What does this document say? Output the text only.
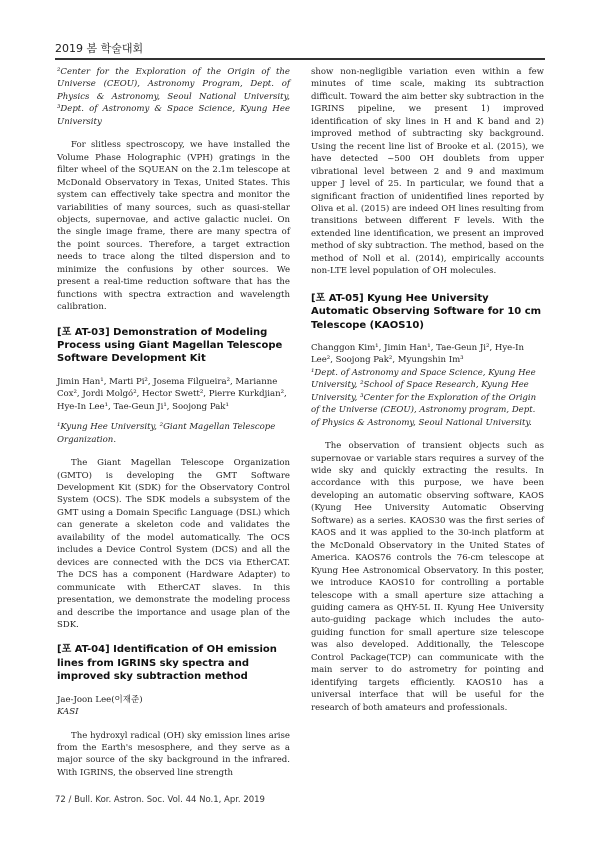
2019 봄 학술대회

²Center for the Exploration of the Origin of the Universe (CEOU), Astronomy Program, Dept. of Physics & Astronomy, Seoul National University, ³Dept. of Astronomy & Space Science, Kyung Hee University

For slitless spectroscopy, we have installed the Volume Phase Holographic (VPH) gratings in the filter wheel of the SQUEAN on the 2.1m telescope at McDonald Observatory in Texas, United States. This system can effectively take spectra and monitor the variabilities of many sources, such as quasi-stellar objects, supernovae, and active galactic nuclei. On the single image frame, there are many spectra of the point sources. Therefore, a target extraction needs to trace along the tilted dispersion and to minimize the confusions by other sources. We present a real-time reduction software that has the functions with spectra extraction and wavelength calibration.

[포 AT-03] Demonstration of Modeling Process using Giant Magellan Telescope Software Development Kit

Jimin Han¹, Marti Pi², Josema Filgueira², Marianne Cox², Jordi Molgó², Hector Swett², Pierre Kurkdjian², Hye-In Lee¹, Tae-Geun Ji¹, Soojong Pak¹

¹Kyung Hee University, ²Giant Magellan Telescope Organization.

The Giant Magellan Telescope Organization (GMTO) is developing the GMT Software Development Kit (SDK) for the Observatory Control System (OCS). The SDK models a subsystem of the GMT using a Domain Specific Language (DSL) which can generate a skeleton code and validates the availability of the model automatically. The OCS includes a Device Control System (DCS) and all the devices are connected with the DCS via EtherCAT. The DCS has a component (Hardware Adapter) to communicate with EtherCAT slaves. In this presentation, we demonstrate the modeling process and describe the importance and usage plan of the SDK.

[포 AT-04] Identification of OH emission lines from IGRINS sky spectra and improved sky subtraction method

Jae-Joon Lee(이재준)

KASI

The hydroxyl radical (OH) sky emission lines arise from the Earth's mesosphere, and they serve as a major source of the sky background in the infrared. With IGRINS, the observed line strength

show non-negligible variation even within a few minutes of time scale, making its subtraction difficult. Toward the aim better sky subtraction in the IGRINS pipeline, we present 1) improved identification of sky lines in H and K band and 2) improved method of subtracting sky background. Using the recent line list of Brooke et al. (2015), we have detected ~500 OH doublets from upper vibrational level between 2 and 9 and maximum upper J level of 25. In particular, we found that a significant fraction of unidentified lines reported by Oliva et al. (2015) are indeed OH lines resulting from transitions between different F levels. With the extended line identification, we present an improved method of sky subtraction. The method, based on the method of Noll et al. (2014), empirically accounts non-LTE level population of OH molecules.

[포 AT-05] Kyung Hee University Automatic Observing Software for 10 cm Telescope (KAOS10)

Changgon Kim¹, Jimin Han¹, Tae-Geun Ji², Hye-In Lee², Soojong Pak², Myungshin Im³

¹Dept. of Astronomy and Space Science, Kyung Hee University, ²School of Space Research, Kyung Hee University, ³Center for the Exploration of the Origin of the Universe (CEOU), Astronomy program, Dept. of Physics & Astronomy, Seoul National University.

The observation of transient objects such as supernovae or variable stars requires a survey of the wide sky and quickly extracting the results. In accordance with this purpose, we have been developing an automatic observing software, KAOS (Kyung Hee University Automatic Observing Software) as a series. KAOS30 was the first series of KAOS and it was applied to the 30-inch platform at the McDonald Observatory in the United States of America. KAOS76 controls the 76-cm telescope at Kyung Hee Astronomical Observatory. In this poster, we introduce KAOS10 for controlling a portable telescope with a small aperture size attaching a guiding camera as QHY-5L II. Kyung Hee University auto-guiding package which includes the auto-guiding function for small aperture size telescope was also developed. Additionally, the Telescope Control Package(TCP) can communicate with the main server to do astrometry for pointing and identifying targets efficiently. KAOS10 has a universal interface that will be useful for the research of both amateurs and professionals.

72 / Bull. Kor. Astron. Soc. Vol. 44 No.1, Apr. 2019
